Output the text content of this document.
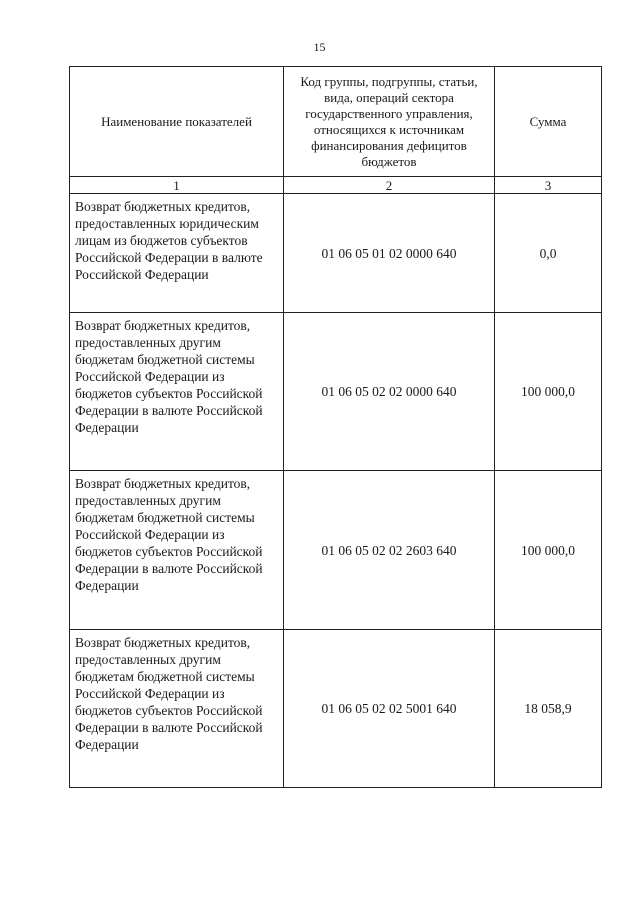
15
Наименование показателей	Код группы, подгруппы, статьи, вида, операций сектора государственного управления, относящихся к источникам финансирования дефицитов бюджетов	Сумма
1	2	3
Возврат бюджетных кредитов, предоставленных юридическим лицам из бюджетов субъектов Российской Федерации в валюте Российской Федерации	01 06 05 01 02 0000 640	0,0
Возврат бюджетных кредитов, предоставленных другим бюджетам бюджетной системы Российской Федерации из бюджетов субъектов Российской Федерации в валюте Российской Федерации	01 06 05 02 02 0000 640	100 000,0
Возврат бюджетных кредитов, предоставленных другим бюджетам бюджетной системы Российской Федерации из бюджетов субъектов Российской Федерации в валюте Российской Федерации	01 06 05 02 02 2603 640	100 000,0
Возврат бюджетных кредитов, предоставленных другим бюджетам бюджетной системы Российской Федерации из бюджетов субъектов Российской Федерации в валюте Российской Федерации	01 06 05 02 02 5001 640	18 058,9
